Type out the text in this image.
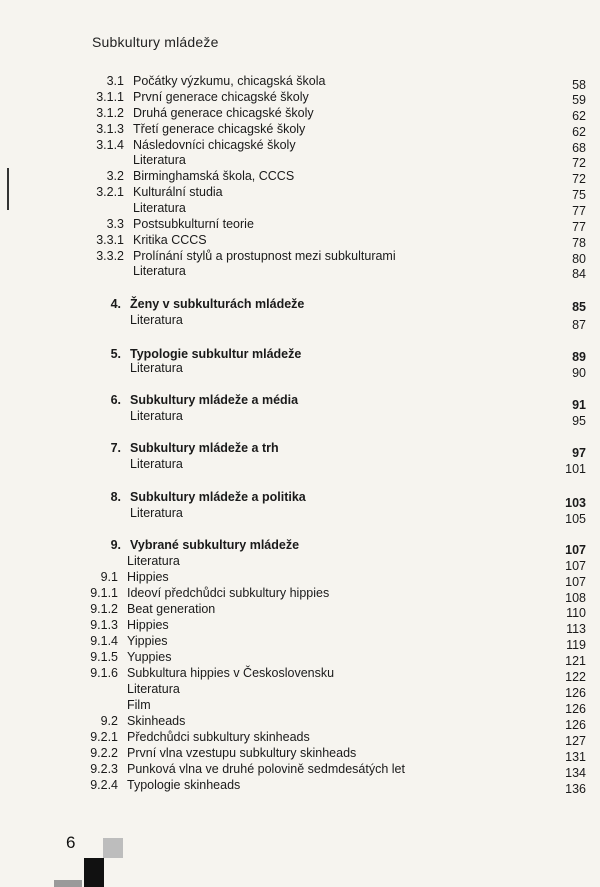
Subkultury mládeže
3.1 Počátky výzkumu, chicagská škola	58
3.1.1 První generace chicagské školy	59
3.1.2 Druhá generace chicagské školy	62
3.1.3 Třetí generace chicagské školy	62
3.1.4 Následovníci chicagské školy	68
Literatura	72
3.2 Birminghamská škola, CCCS	72
3.2.1 Kulturální studia	75
Literatura	77
3.3 Postsubkulturní teorie	77
3.3.1 Kritika CCCS	78
3.3.2 Prolínání stylů a prostupnost mezi subkulturami	80
Literatura	84
4. Ženy v subkulturách mládeže	85
Literatura	87
5. Typologie subkultur mládeže	89
Literatura	90
6. Subkultury mládeže a média	91
Literatura	95
7. Subkultury mládeže a trh	97
Literatura	101
8. Subkultury mládeže a politika	103
Literatura	105
9. Vybrané subkultury mládeže	107
Literatura	107
9.1 Hippies	107
9.1.1 Ideoví předchůdci subkultury hippies	108
9.1.2 Beat generation	110
9.1.3 Hippies	113
9.1.4 Yippies	119
9.1.5 Yuppies	121
9.1.6 Subkultura hippies v Československu	122
Literatura	126
Film	126
9.2 Skinheads	126
9.2.1 Předchůdci subkultury skinheads	127
9.2.2 První vlna vzestupu subkultury skinheads	131
9.2.3 Punková vlna ve druhé polovině sedmdesátých let	134
9.2.4 Typologie skinheads	136
6
